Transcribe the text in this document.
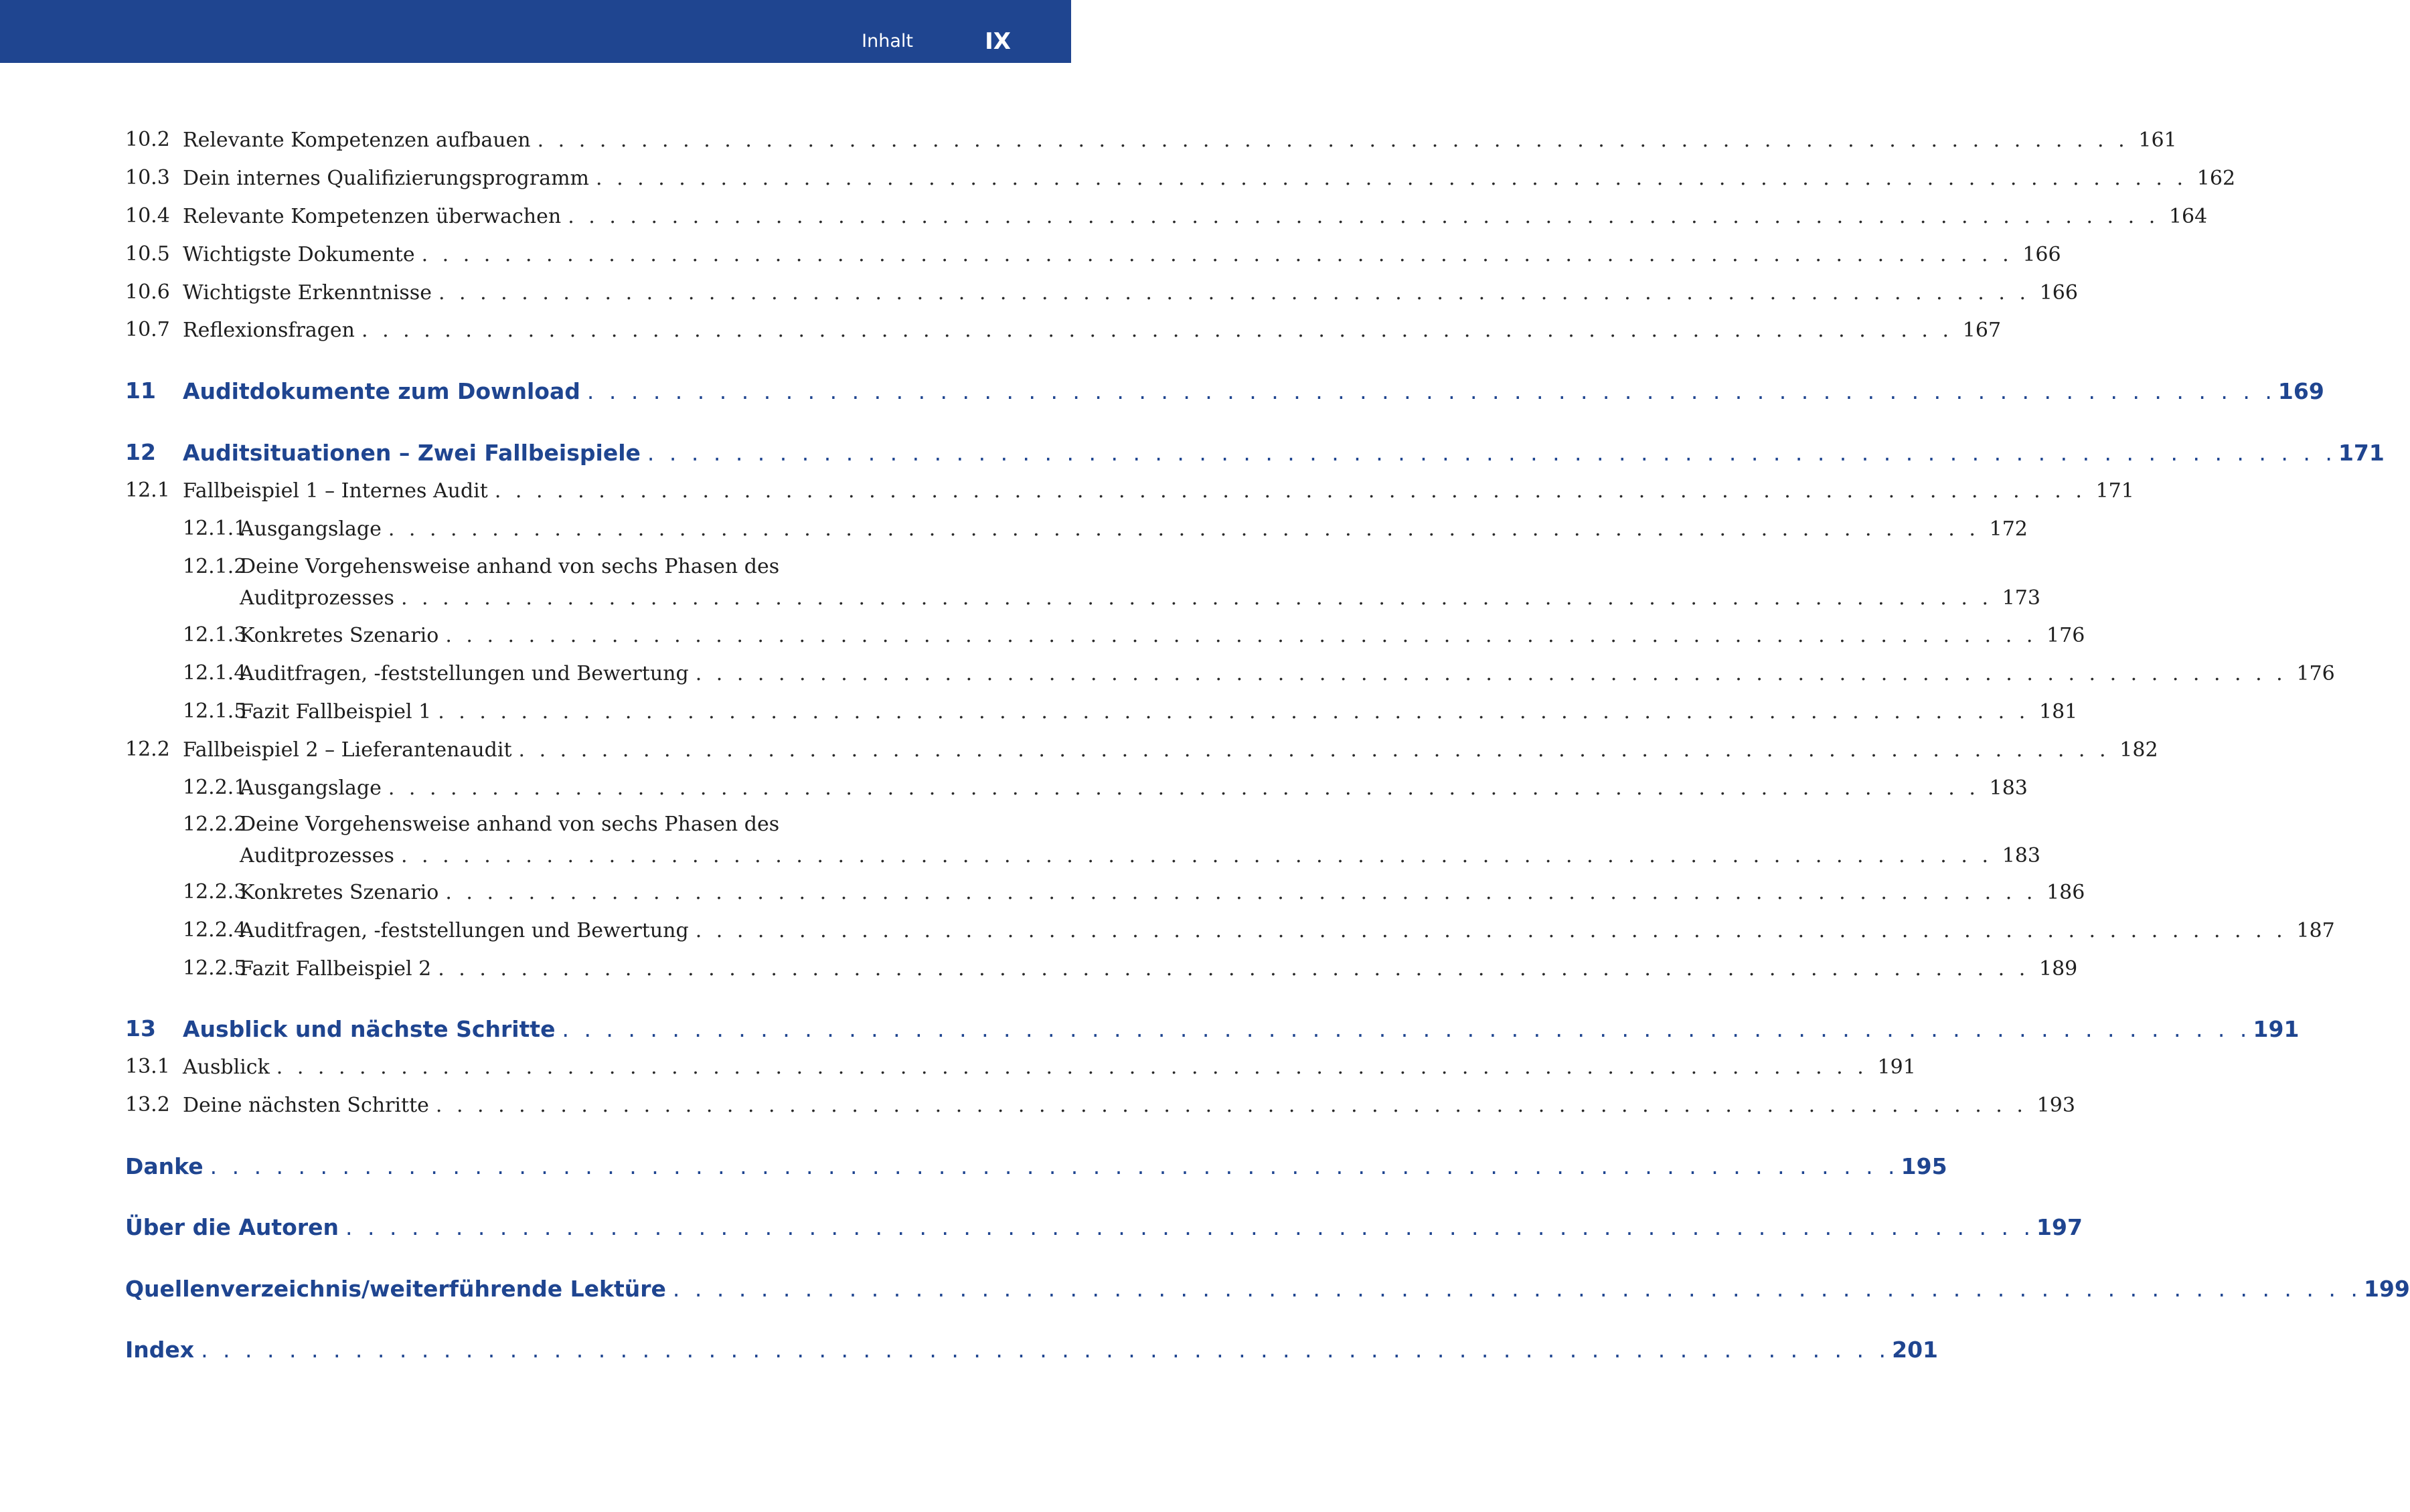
Inhalt	IX
10.2 Relevante Kompetenzen aufbauen . . . . . . . . . . . . . . . . . . . . . . . . . . . . . . . . . . . . . . . . . . . . . . . . . . . . . . . . . . . . . . . . . . . . . . . . . . . . . 161
10.3 Dein internes Qualifizierungsprogramm . . . . . . . . . . . . . . . . . . . . . . . . . . . . . . . . . . . . . . . . . . . . . . . . . . . . . . . . . . . . . . . . . . . . . . . . . . . . . 162
10.4 Relevante Kompetenzen überwachen . . . . . . . . . . . . . . . . . . . . . . . . . . . . . . . . . . . . . . . . . . . . . . . . . . . . . . . . . . . . . . . . . . . . . . . . . . . . . 164
10.5 Wichtigste Dokumente . . . . . . . . . . . . . . . . . . . . . . . . . . . . . . . . . . . . . . . . . . . . . . . . . . . . . . . . . . . . . . . . . . . . . . . . . . . . . 166
10.6 Wichtigste Erkenntnisse . . . . . . . . . . . . . . . . . . . . . . . . . . . . . . . . . . . . . . . . . . . . . . . . . . . . . . . . . . . . . . . . . . . . . . . . . . . . . 166
10.7 Reflexionsfragen . . . . . . . . . . . . . . . . . . . . . . . . . . . . . . . . . . . . . . . . . . . . . . . . . . . . . . . . . . . . . . . . . . . . . . . . . . . . . 167
11 Auditdokumente zum Download . . . . . . . . . . . . . . . . . . . . . . . . . . . . . . . . . . . . . . . . . . . . . . . . . . . . . . . . . . . . . . . . . . . . . . . . . . . . . 169
12 Auditsituationen – Zwei Fallbeispiele . . . . . . . . . . . . . . . . . . . . . . . . . . . . . . . . . . . . . . . . . . . . . . . . . . . . . . . . . . . . . . . . . . . . . . . . . . . . . 171
12.1 Fallbeispiel 1 – Internes Audit . . . . . . . . . . . . . . . . . . . . . . . . . . . . . . . . . . . . . . . . . . . . . . . . . . . . . . . . . . . . . . . . . . . . . . . . . . . . . 171
12.1.1
Ausgangslage . . . . . . . . . . . . . . . . . . . . . . . . . . . . . . . . . . . . . . . . . . . . . . . . . . . . . . . . . . . . . . . . . . . . . . . . . . . . . 172
12.1.2
Deine Vorgehensweise anhand von sechs Phasen des
Auditprozesses . . . . . . . . . . . . . . . . . . . . . . . . . . . . . . . . . . . . . . . . . . . . . . . . . . . . . . . . . . . . . . . . . . . . . . . . . . . . . 173
12.1.3
Konkretes Szenario . . . . . . . . . . . . . . . . . . . . . . . . . . . . . . . . . . . . . . . . . . . . . . . . . . . . . . . . . . . . . . . . . . . . . . . . . . . . . 176
12.1.4
Auditfragen, -feststellungen und Bewertung . . . . . . . . . . . . . . . . . . . . . . . . . . . . . . . . . . . . . . . . . . . . . . . . . . . . . . . . . . . . . . . . . . . . . . . . . . . . . 176
12.1.5
Fazit Fallbeispiel 1 . . . . . . . . . . . . . . . . . . . . . . . . . . . . . . . . . . . . . . . . . . . . . . . . . . . . . . . . . . . . . . . . . . . . . . . . . . . . . 181
12.2 Fallbeispiel 2 – Lieferantenaudit . . . . . . . . . . . . . . . . . . . . . . . . . . . . . . . . . . . . . . . . . . . . . . . . . . . . . . . . . . . . . . . . . . . . . . . . . . . . . 182
12.2.1
Ausgangslage . . . . . . . . . . . . . . . . . . . . . . . . . . . . . . . . . . . . . . . . . . . . . . . . . . . . . . . . . . . . . . . . . . . . . . . . . . . . . 183
12.2.2
Deine Vorgehensweise anhand von sechs Phasen des
Auditprozesses . . . . . . . . . . . . . . . . . . . . . . . . . . . . . . . . . . . . . . . . . . . . . . . . . . . . . . . . . . . . . . . . . . . . . . . . . . . . . 183
12.2.3
Konkretes Szenario . . . . . . . . . . . . . . . . . . . . . . . . . . . . . . . . . . . . . . . . . . . . . . . . . . . . . . . . . . . . . . . . . . . . . . . . . . . . . 186
12.2.4
Auditfragen, -feststellungen und Bewertung . . . . . . . . . . . . . . . . . . . . . . . . . . . . . . . . . . . . . . . . . . . . . . . . . . . . . . . . . . . . . . . . . . . . . . . . . . . . . 187
12.2.5
Fazit Fallbeispiel 2 . . . . . . . . . . . . . . . . . . . . . . . . . . . . . . . . . . . . . . . . . . . . . . . . . . . . . . . . . . . . . . . . . . . . . . . . . . . . . 189
13 Ausblick und nächste Schritte . . . . . . . . . . . . . . . . . . . . . . . . . . . . . . . . . . . . . . . . . . . . . . . . . . . . . . . . . . . . . . . . . . . . . . . . . . . . . 191
13.1 Ausblick . . . . . . . . . . . . . . . . . . . . . . . . . . . . . . . . . . . . . . . . . . . . . . . . . . . . . . . . . . . . . . . . . . . . . . . . . . . . . 191
13.2 Deine nächsten Schritte . . . . . . . . . . . . . . . . . . . . . . . . . . . . . . . . . . . . . . . . . . . . . . . . . . . . . . . . . . . . . . . . . . . . . . . . . . . . . 193
Danke . . . . . . . . . . . . . . . . . . . . . . . . . . . . . . . . . . . . . . . . . . . . . . . . . . . . . . . . . . . . . . . . . . . . . . . . . . . . . 195
Über die Autoren . . . . . . . . . . . . . . . . . . . . . . . . . . . . . . . . . . . . . . . . . . . . . . . . . . . . . . . . . . . . . . . . . . . . . . . . . . . . . 197
Quellenverzeichnis/weiterführende Lektüre . . . . . . . . . . . . . . . . . . . . . . . . . . . . . . . . . . . . . . . . . . . . . . . . . . . . . . . . . . . . . . . . . . . . . . . . . . . . . 199
Index . . . . . . . . . . . . . . . . . . . . . . . . . . . . . . . . . . . . . . . . . . . . . . . . . . . . . . . . . . . . . . . . . . . . . . . . . . . . . 201
